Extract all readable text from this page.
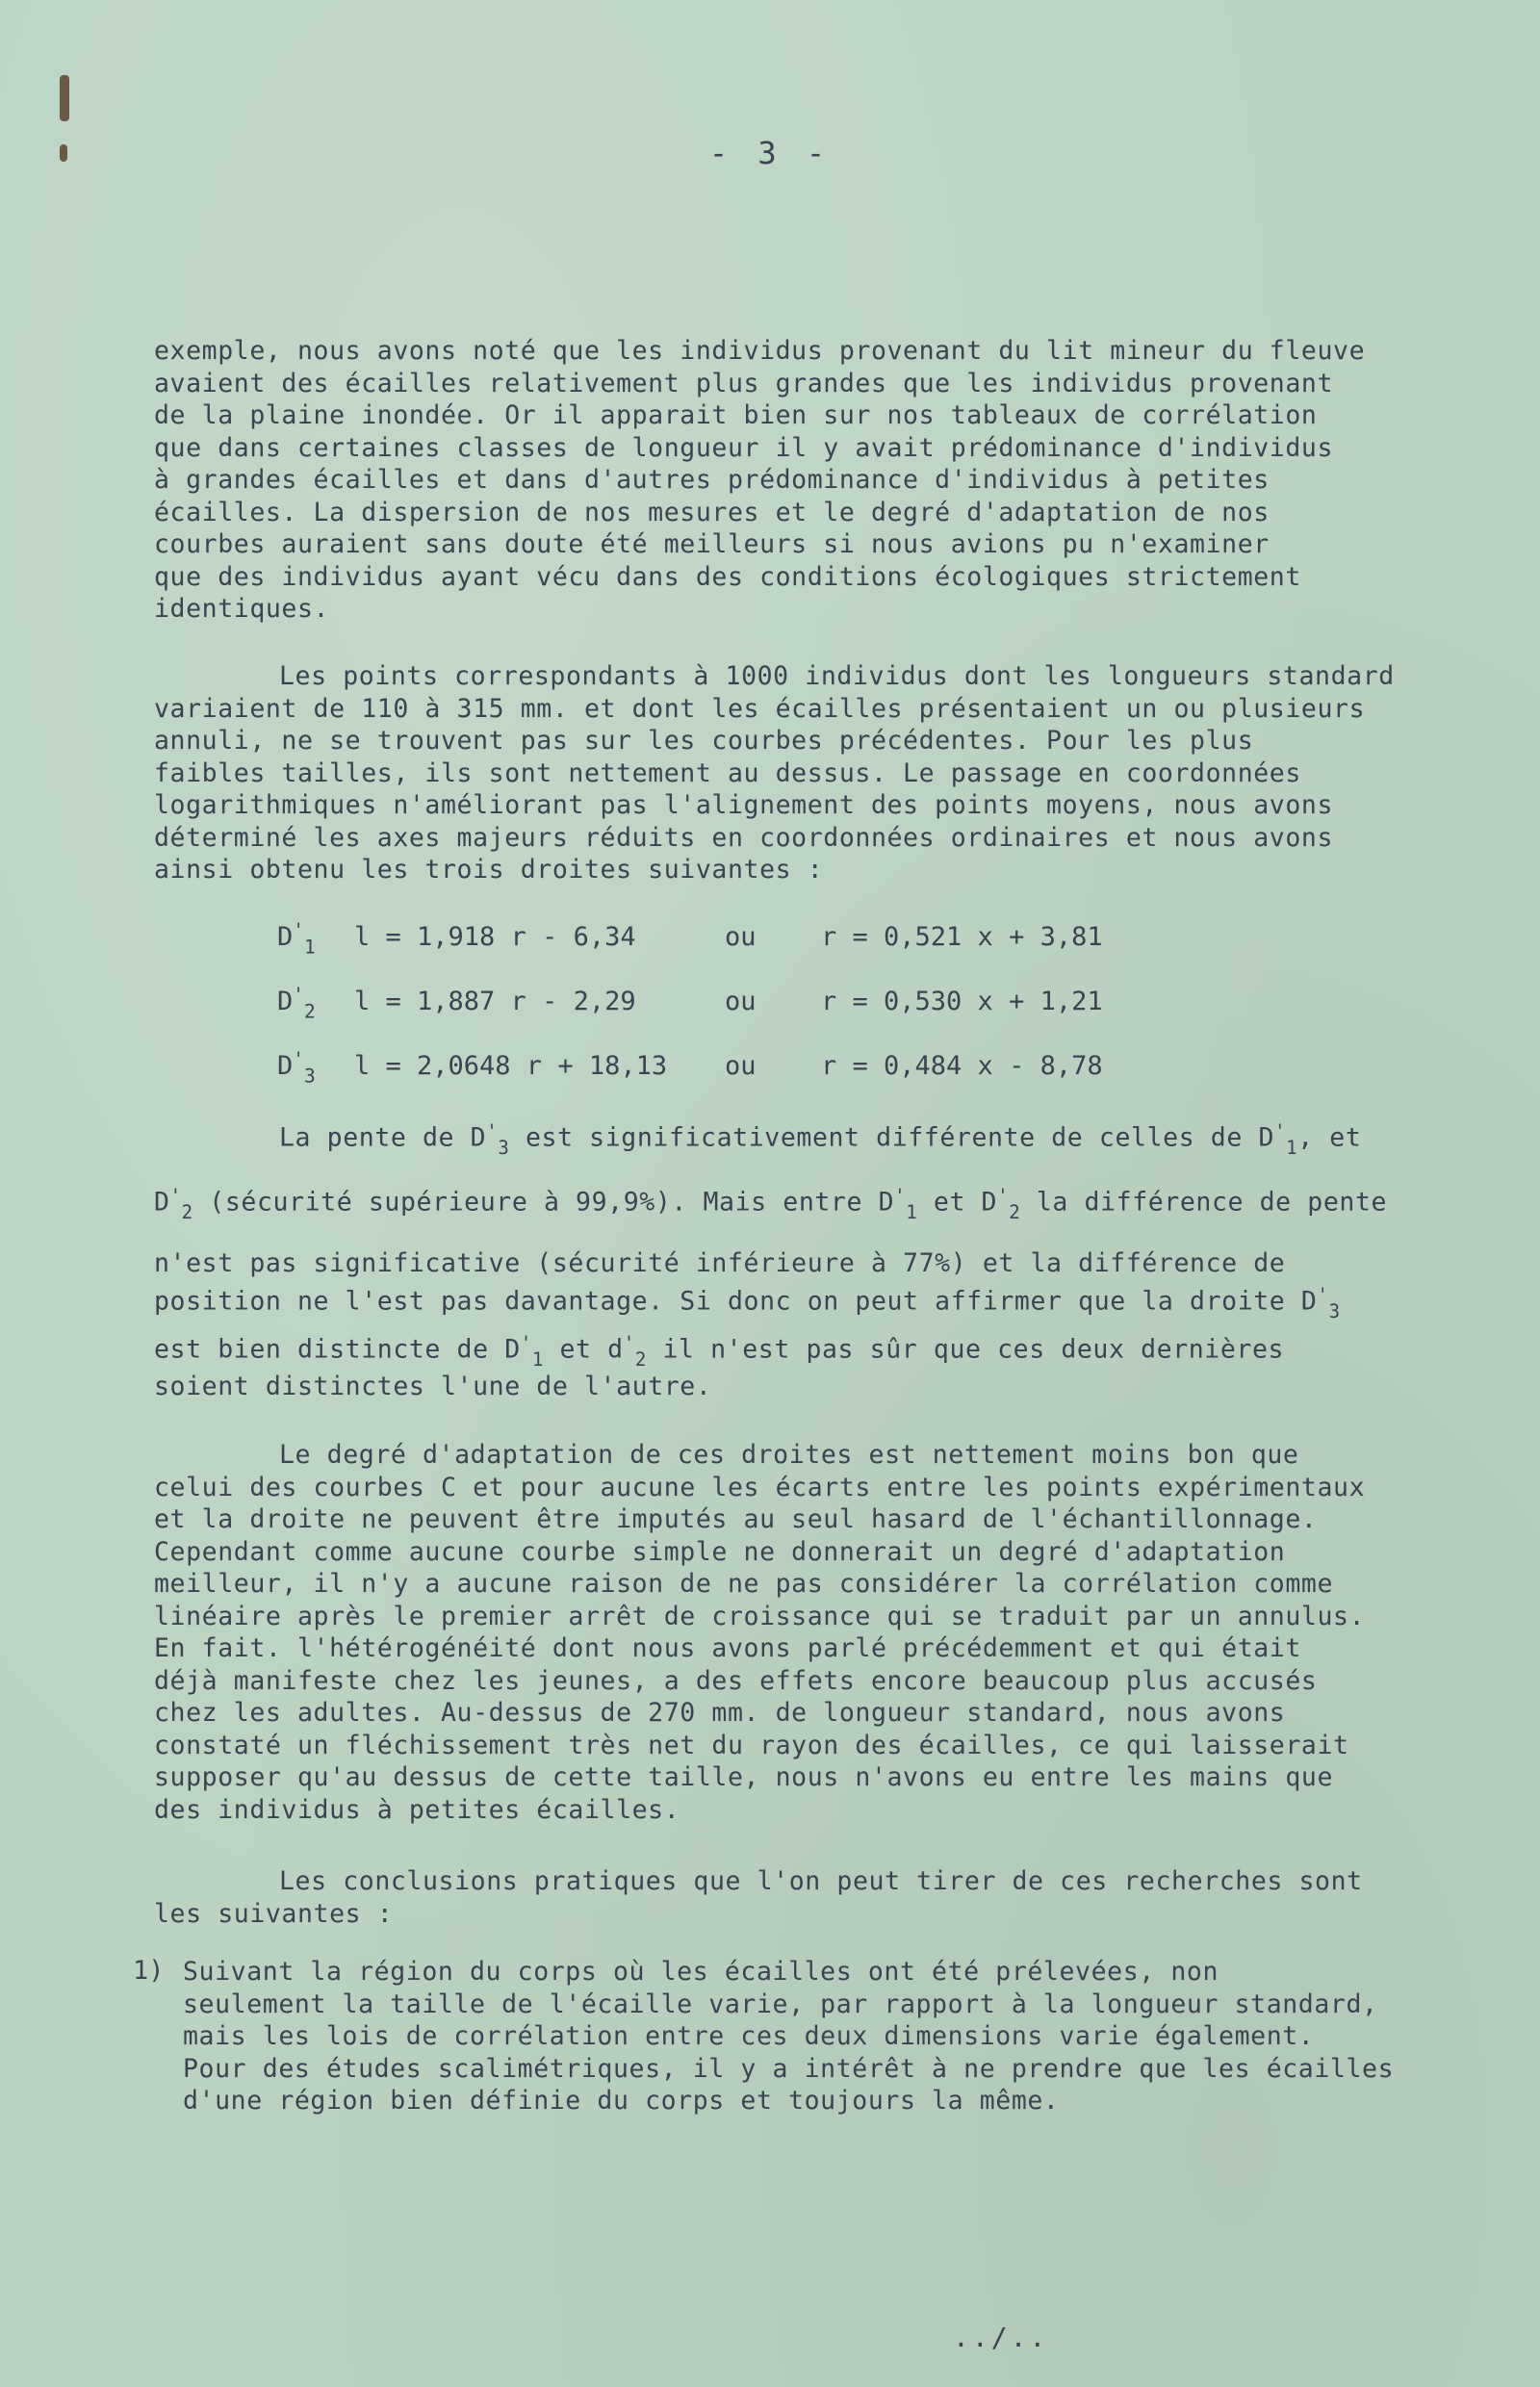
- 3 -
exemple, nous avons noté que les individus provenant du lit mineur du fleuve
avaient des écailles relativement plus grandes que les individus provenant
de la plaine inondée. Or il apparait bien sur nos tableaux de corrélation
que dans certaines classes de longueur il y avait prédominance d'individus
à grandes écailles et dans d'autres prédominance d'individus à petites
écailles. La dispersion de nos mesures et le degré d'adaptation de nos
courbes auraient sans doute été meilleurs si nous avions pu n'examiner
que des individus ayant vécu dans des conditions écologiques strictement
identiques.
Les points correspondants à 1000 individus dont les longueurs standard
variaient de 110 à 315 mm. et dont les écailles présentaient un ou plusieurs
annuli, ne se trouvent pas sur les courbes précédentes. Pour les plus
faibles tailles, ils sont nettement au dessus. Le passage en coordonnées
logarithmiques n'améliorant pas l'alignement des points moyens, nous avons
déterminé les axes majeurs réduits en coordonnées ordinaires et nous avons
ainsi obtenu les trois droites suivantes :
$D'_1$ l = 1,918 r - 6,34	ou r = 0,521 x + 3,81
$D'_2$ l = 1,887 r - 2,29	ou r = 0,530 x + 1,21
$D'_3$ l = 2,0648 r + 18,13 ou r = 0,484 x - 8,78
La pente de $D'_3$ est significativement différente de celles de $D'_1$, et
$D'_2$ (sécurité supérieure à 99,9%). Mais entre $D'_1$ et $D'_2$ la différence de pente
n'est pas significative (sécurité inférieure à 77%) et la différence de
position ne l'est pas davantage. Si donc on peut affirmer que la droite $D'_3$
est bien distincte de $D'_1$ et $d'_2$ il n'est pas sûr que ces deux dernières
soient distinctes l'une de l'autre.
Le degré d'adaptation de ces droites est nettement moins bon que
celui des courbes C et pour aucune les écarts entre les points expérimentaux
et la droite ne peuvent être imputés au seul hasard de l'échantillonnage.
Cependant comme aucune courbe simple ne donnerait un degré d'adaptation
meilleur, il n'y a aucune raison de ne pas considérer la corrélation comme
linéaire après le premier arrêt de croissance qui se traduit par un annulus.
En fait. l'hétérogénéité dont nous avons parlé précédemment et qui était
déjà manifeste chez les jeunes, a des effets encore beaucoup plus accusés
chez les adultes. Au-dessus de 270 mm. de longueur standard, nous avons
constaté un fléchissement très net du rayon des écailles, ce qui laisserait
supposer qu'au dessus de cette taille, nous n'avons eu entre les mains que
des individus à petites écailles.
Les conclusions pratiques que l'on peut tirer de ces recherches sont
les suivantes :
1) Suivant la région du corps où les écailles ont été prélevées, non
seulement la taille de l'écaille varie, par rapport à la longueur standard,
mais les lois de corrélation entre ces deux dimensions varie également.
Pour des études scalimétriques, il y a intérêt à ne prendre que les écailles
d'une région bien définie du corps et toujours la même.
../..
